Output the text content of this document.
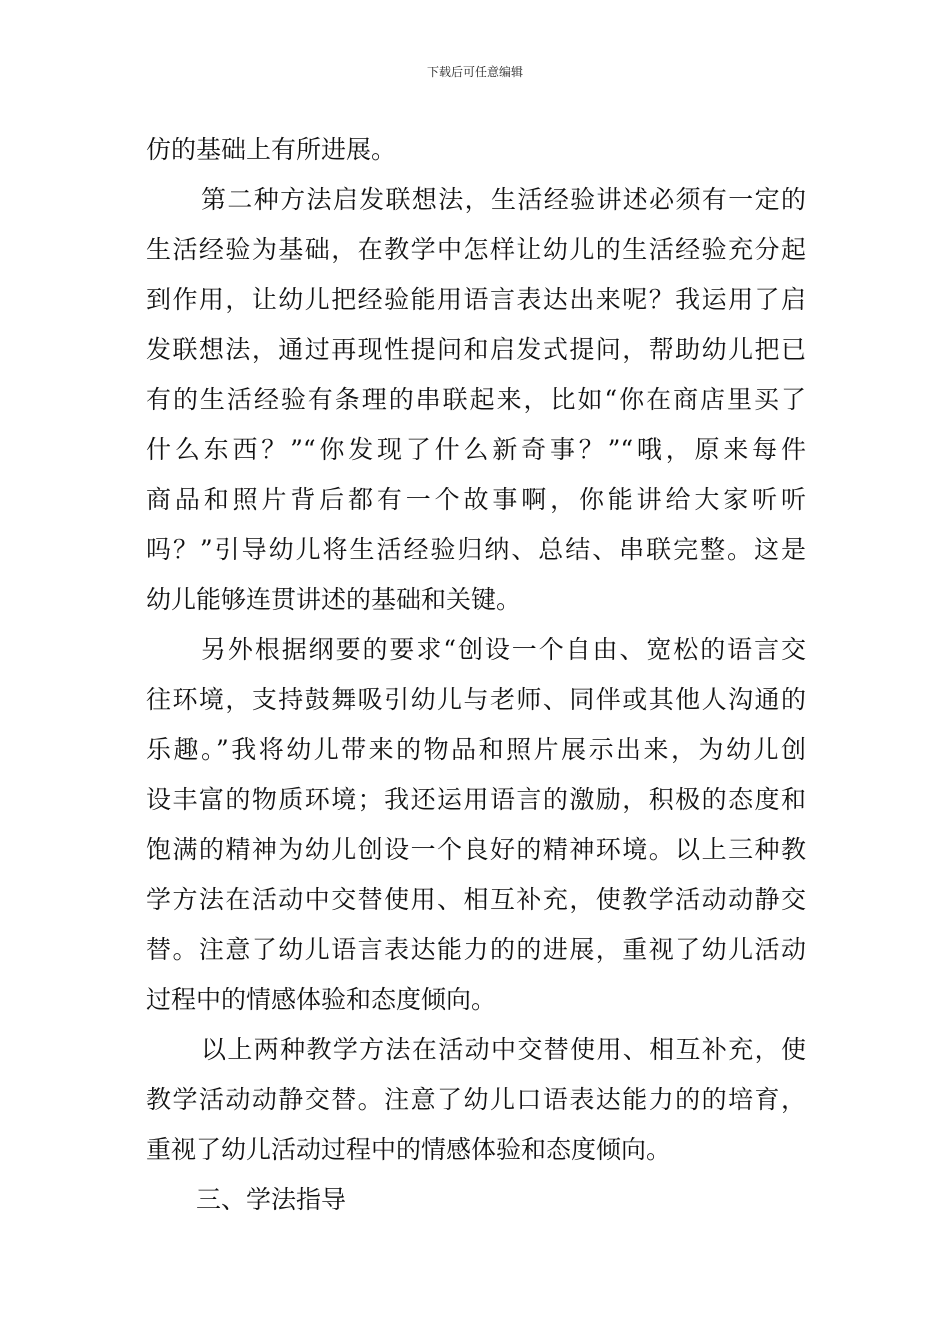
下载后可任意编辑
仿的基础上有所进展。
第二种方法启发联想法，生活经验讲述必须有一定的
生活经验为基础，在教学中怎样让幼儿的生活经验充分起
到作用，让幼儿把经验能用语言表达出来呢？我运用了启
发联想法，通过再现性提问和启发式提问，帮助幼儿把已
有的生活经验有条理的串联起来，比如“你在商店里买了
什么东西？”“你发现了什么新奇事？”“哦，原来每件
商品和照片背后都有一个故事啊，你能讲给大家听听
吗？”引导幼儿将生活经验归纳、总结、串联完整。这是
幼儿能够连贯讲述的基础和关键。
另外根据纲要的要求“创设一个自由、宽松的语言交
往环境，支持鼓舞吸引幼儿与老师、同伴或其他人沟通的
乐趣。”我将幼儿带来的物品和照片展示出来，为幼儿创
设丰富的物质环境；我还运用语言的激励，积极的态度和
饱满的精神为幼儿创设一个良好的精神环境。以上三种教
学方法在活动中交替使用、相互补充，使教学活动动静交
替。注意了幼儿语言表达能力的的进展，重视了幼儿活动
过程中的情感体验和态度倾向。
以上两种教学方法在活动中交替使用、相互补充，使
教学活动动静交替。注意了幼儿口语表达能力的的培育，
重视了幼儿活动过程中的情感体验和态度倾向。
三、学法指导
